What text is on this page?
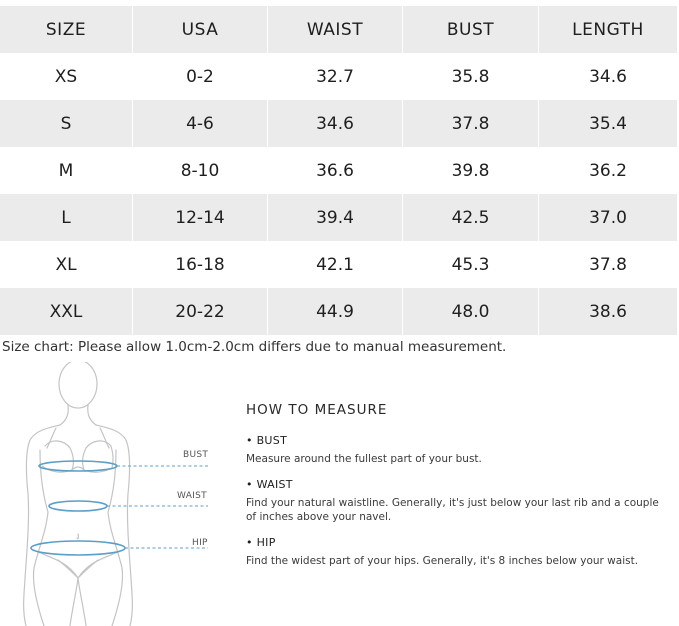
SIZE	USA	WAIST	BUST	LENGTH
XS	0-2	32.7	35.8	34.6
S	4-6	34.6	37.8	35.4
M	8-10	36.6	39.8	36.2
L	12-14	39.4	42.5	37.0
XL	16-18	42.1	45.3	37.8
XXL	20-22	44.9	48.0	38.6
Size chart: Please allow 1.0cm-2.0cm differs due to manual measurement.
BUST
WAIST
HIP
HOW TO MEASURE
• BUST
Measure around the fullest part of your bust.
• WAIST
Find your natural waistline. Generally, it's just below your last rib and a couple of inches above your navel.
• HIP
Find the widest part of your hips. Generally, it's 8 inches below your waist.
